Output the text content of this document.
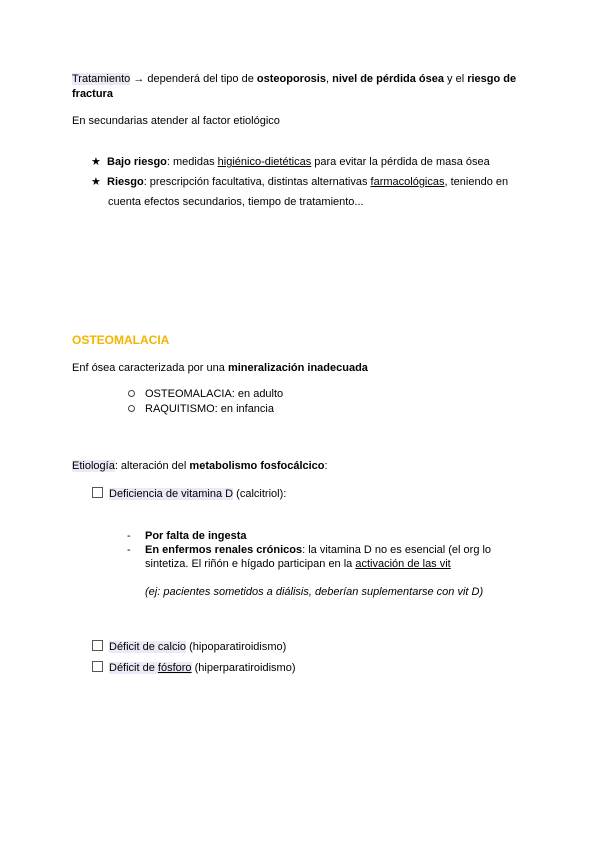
Tratamiento → dependerá del tipo de osteoporosis, nivel de pérdida ósea y el riesgo de
fractura
En secundarias atender al factor etiológico
★ Bajo riesgo: medidas higiénico-dietéticas para evitar la pérdida de masa ósea
★ Riesgo: prescripción facultativa, distintas alternativas farmacológicas, teniendo en
cuenta efectos secundarios, tiempo de tratamiento...
OSTEOMALACIA
Enf ósea caracterizada por una mineralización inadecuada
OSTEOMALACIA: en adulto
RAQUITISMO: en infancia
Etiología: alteración del metabolismo fosfocálcico:
Deficiencia de vitamina D (calcitriol):
- Por falta de ingesta
- En enfermos renales crónicos: la vitamina D no es esencial (el org lo
sintetiza. El riñón e hígado participan en la activación de las vit
(ej: pacientes sometidos a diálisis, deberían suplementarse con vit D)
Déficit de calcio (hipoparatiroidismo)
Déficit de fósforo (hiperparatiroidismo)
